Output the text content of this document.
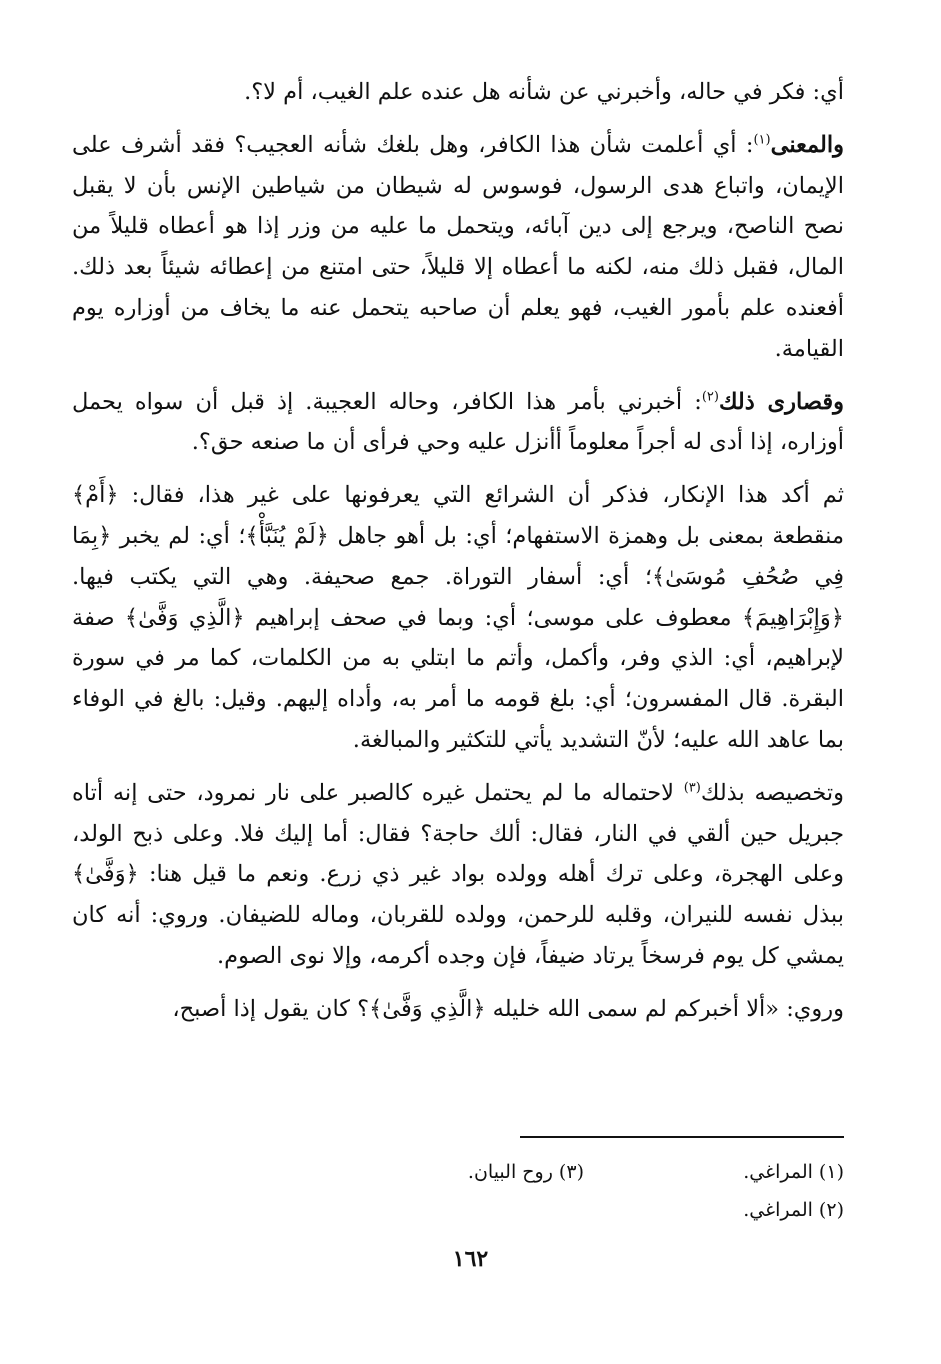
أي: فكر في حاله، وأخبرني عن شأنه هل عنده علم الغيب، أم لا؟.

والمعنى$^{(١)}$: أي أعلمت شأن هذا الكافر، وهل بلغك شأنه العجيب؟ فقد أشرف على الإيمان، واتباع هدى الرسول، فوسوس له شيطان من شياطين الإنس بأن لا يقبل نصح الناصح، ويرجع إلى دين آبائه، ويتحمل ما عليه من وزر إذا هو أعطاه قليلاً من المال، فقبل ذلك منه، لكنه ما أعطاه إلا قليلاً، حتى امتنع من إعطائه شيئاً بعد ذلك. أفعنده علم بأمور الغيب، فهو يعلم أن صاحبه يتحمل عنه ما يخاف من أوزاره يوم القيامة.

وقصارى ذلك$^{(٢)}$: أخبرني بأمر هذا الكافر، وحاله العجيبة. إذ قبل أن سواه يحمل أوزاره، إذا أدى له أجراً معلوماً أأنزل عليه وحي فرأى أن ما صنعه حق؟.

ثم أكد هذا الإنكار، فذكر أن الشرائع التي يعرفونها على غير هذا، فقال: ﴿أَمْ﴾ منقطعة بمعنى بل وهمزة الاستفهام؛ أي: بل أهو جاهل ﴿لَمْ يُنَبَّأْ﴾؛ أي: لم يخبر ﴿بِمَا فِي صُحُفِ مُوسَىٰ﴾؛ أي: أسفار التوراة. جمع صحيفة. وهي التي يكتب فيها. ﴿وَإِبْرَاهِيمَ﴾ معطوف على موسى؛ أي: وبما في صحف إبراهيم ﴿الَّذِي وَفَّىٰ﴾ صفة لإبراهيم، أي: الذي وفر، وأكمل، وأتم ما ابتلي به من الكلمات، كما مر في سورة البقرة. قال المفسرون؛ أي: بلغ قومه ما أمر به، وأداه إليهم. وقيل: بالغ في الوفاء بما عاهد الله عليه؛ لأنّ التشديد يأتي للتكثير والمبالغة.

وتخصيصه بذلك$^{(٣)}$ لاحتماله ما لم يحتمل غيره كالصبر على نار نمرود، حتى إنه أتاه جبريل حين ألقي في النار، فقال: ألك حاجة؟ فقال: أما إليك فلا. وعلى ذبح الولد، وعلى الهجرة، وعلى ترك أهله وولده بواد غير ذي زرع. ونعم ما قيل هنا: ﴿وَفَّىٰ﴾ ببذل نفسه للنيران، وقلبه للرحمن، وولده للقربان، وماله للضيفان. وروي: أنه كان يمشي كل يوم فرسخاً يرتاد ضيفاً، فإن وجده أكرمه، وإلا نوى الصوم.

وروي: «ألا أخبركم لم سمى الله خليله ﴿الَّذِي وَفَّىٰ﴾؟ كان يقول إذا أصبح،

(١) المراغي.
(٣) روح البيان.
(٢) المراغي.
١٦٢
